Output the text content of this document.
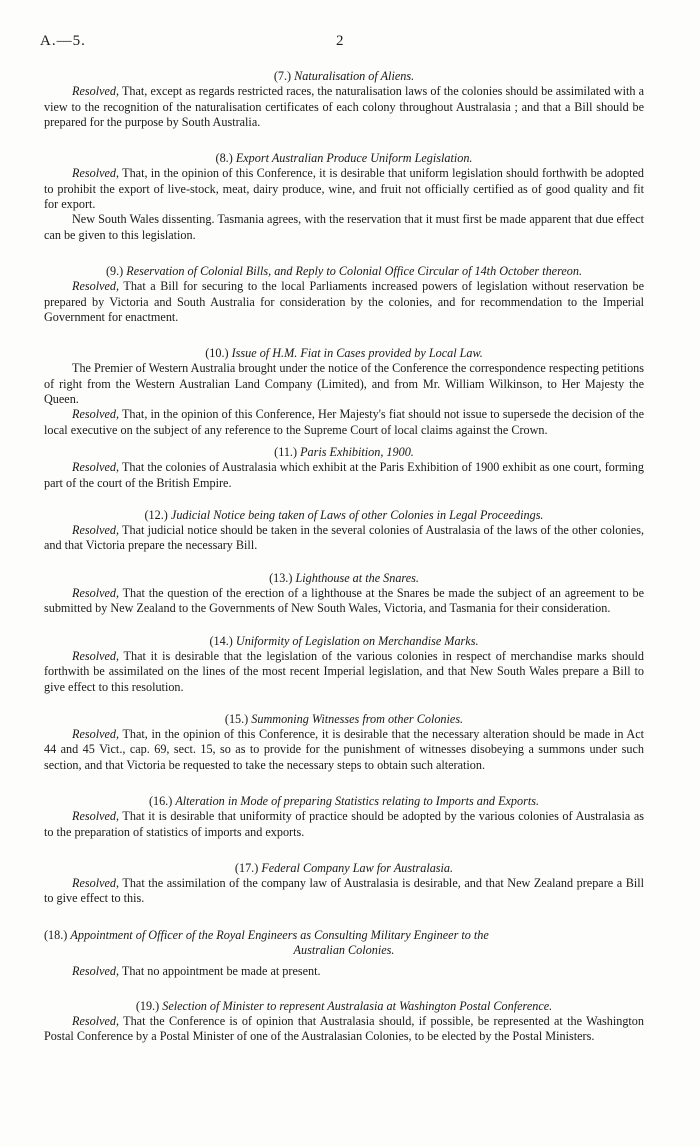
A.—5.	2
(7.) Naturalisation of Aliens.

Resolved, That, except as regards restricted races, the naturalisation laws of the colonies should be assimilated with a view to the recognition of the naturalisation certificates of each colony throughout Australasia ; and that a Bill should be prepared for the purpose by South Australia.

(8.) Export Australian Produce Uniform Legislation.

Resolved, That, in the opinion of this Conference, it is desirable that uniform legislation should forthwith be adopted to prohibit the export of live-stock, meat, dairy produce, wine, and fruit not officially certified as of good quality and fit for export.

New South Wales dissenting. Tasmania agrees, with the reservation that it must first be made apparent that due effect can be given to this legislation.

(9.) Reservation of Colonial Bills, and Reply to Colonial Office Circular of 14th October thereon.

Resolved, That a Bill for securing to the local Parliaments increased powers of legislation without reservation be prepared by Victoria and South Australia for consideration by the colonies, and for recommendation to the Imperial Government for enactment.

(10.) Issue of H.M. Fiat in Cases provided by Local Law.

The Premier of Western Australia brought under the notice of the Conference the correspondence respecting petitions of right from the Western Australian Land Company (Limited), and from Mr. William Wilkinson, to Her Majesty the Queen.

Resolved, That, in the opinion of this Conference, Her Majesty's fiat should not issue to supersede the decision of the local executive on the subject of any reference to the Supreme Court of local claims against the Crown.

(11.) Paris Exhibition, 1900.

Resolved, That the colonies of Australasia which exhibit at the Paris Exhibition of 1900 exhibit as one court, forming part of the court of the British Empire.

(12.) Judicial Notice being taken of Laws of other Colonies in Legal Proceedings.

Resolved, That judicial notice should be taken in the several colonies of Australasia of the laws of the other colonies, and that Victoria prepare the necessary Bill.

(13.) Lighthouse at the Snares.

Resolved, That the question of the erection of a lighthouse at the Snares be made the subject of an agreement to be submitted by New Zealand to the Governments of New South Wales, Victoria, and Tasmania for their consideration.

(14.) Uniformity of Legislation on Merchandise Marks.

Resolved, That it is desirable that the legislation of the various colonies in respect of merchandise marks should forthwith be assimilated on the lines of the most recent Imperial legislation, and that New South Wales prepare a Bill to give effect to this resolution.

(15.) Summoning Witnesses from other Colonies.

Resolved, That, in the opinion of this Conference, it is desirable that the necessary alteration should be made in Act 44 and 45 Vict., cap. 69, sect. 15, so as to provide for the punishment of witnesses disobeying a summons under such section, and that Victoria be requested to take the necessary steps to obtain such alteration.

(16.) Alteration in Mode of preparing Statistics relating to Imports and Exports.

Resolved, That it is desirable that uniformity of practice should be adopted by the various colonies of Australasia as to the preparation of statistics of imports and exports.

(17.) Federal Company Law for Australasia.

Resolved, That the assimilation of the company law of Australasia is desirable, and that New Zealand prepare a Bill to give effect to this.

(18.) Appointment of Officer of the Royal Engineers as Consulting Military Engineer to the
Australian Colonies.

Resolved, That no appointment be made at present.

(19.) Selection of Minister to represent Australasia at Washington Postal Conference.

Resolved, That the Conference is of opinion that Australasia should, if possible, be represented at the Washington Postal Conference by a Postal Minister of one of the Australasian Colonies, to be elected by the Postal Ministers.
